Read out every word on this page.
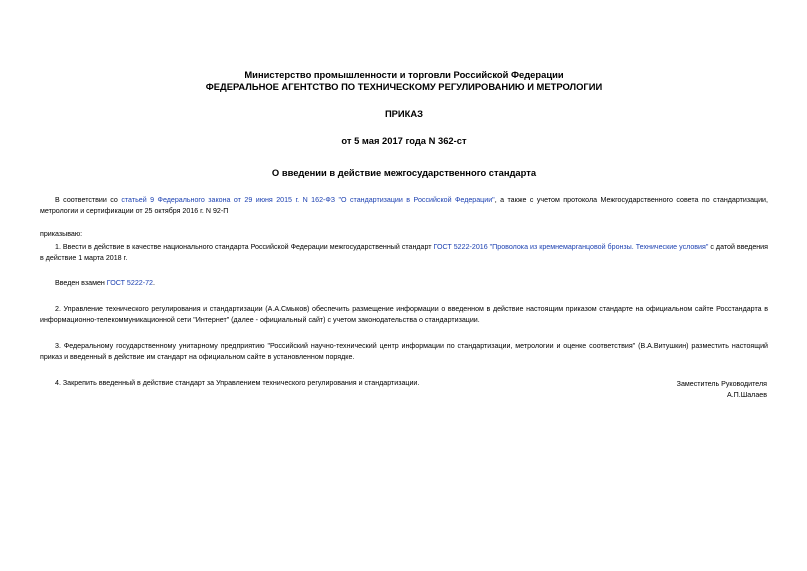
Министерство промышленности и торговли Российской Федерации
ФЕДЕРАЛЬНОЕ АГЕНТСТВО ПО ТЕХНИЧЕСКОМУ РЕГУЛИРОВАНИЮ И МЕТРОЛОГИИ
ПРИКАЗ
от 5 мая 2017 года N 362-ст
О введении в действие межгосударственного стандарта
В соответствии со статьей 9 Федерального закона от 29 июня 2015 г. N 162-ФЗ "О стандартизации в Российской Федерации", а также с учетом протокола Межгосударственного совета по стандартизации, метрологии и сертификации от 25 октября 2016 г. N 92-П
приказываю:
1. Ввести в действие в качестве национального стандарта Российской Федерации межгосударственный стандарт ГОСТ 5222-2016 "Проволока из кремнемарганцовой бронзы. Технические условия" с датой введения в действие 1 марта 2018 г.
Введен взамен ГОСТ 5222-72.
2. Управление технического регулирования и стандартизации (А.А.Смыков) обеспечить размещение информации о введенном в действие настоящим приказом стандарте на официальном сайте Росстандарта в информационно-телекоммуникационной сети "Интернет" (далее - официальный сайт) с учетом законодательства о стандартизации.
3. Федеральному государственному унитарному предприятию "Российский научно-технический центр информации по стандартизации, метрологии и оценке соответствия" (В.А.Витушкин) разместить настоящий приказ и введенный в действие им стандарт на официальном сайте в установленном порядке.
4. Закрепить введенный в действие стандарт за Управлением технического регулирования и стандартизации.	Заместитель Руководителя
А.П.Шалаев
